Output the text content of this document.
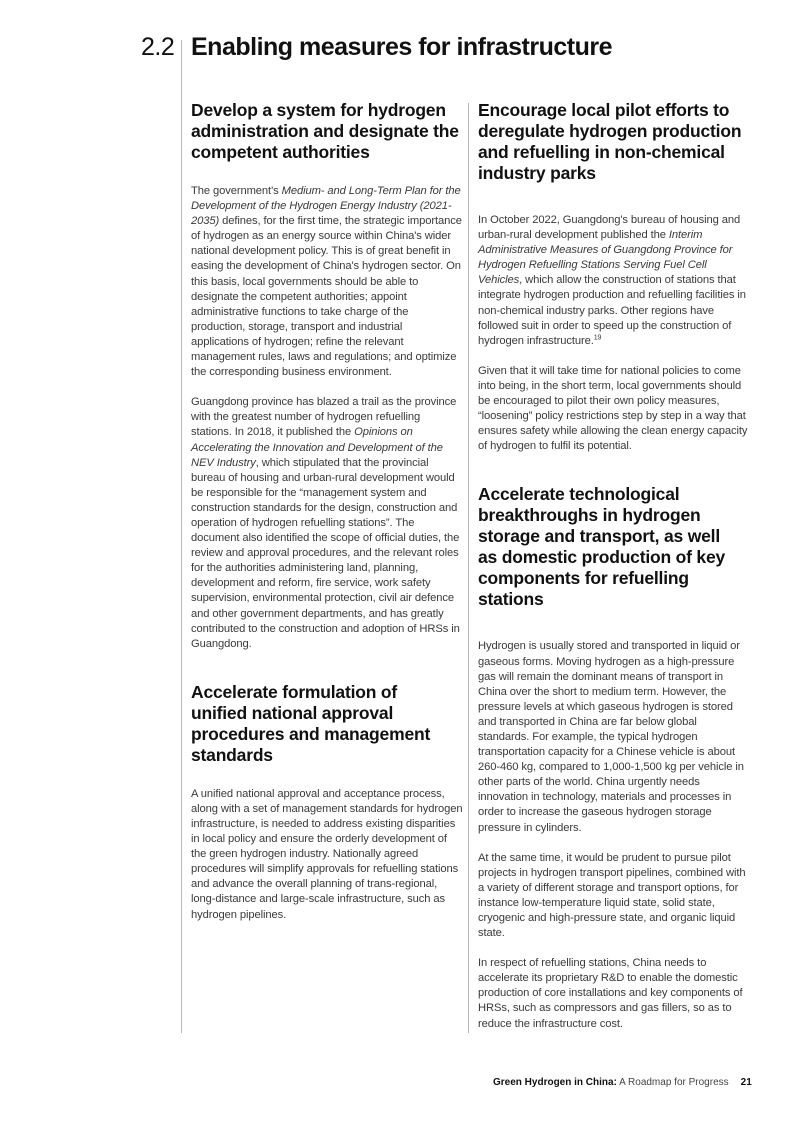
2.2 Enabling measures for infrastructure
Develop a system for hydrogen administration and designate the competent authorities

The government's Medium- and Long-Term Plan for the Development of the Hydrogen Energy Industry (2021-2035) defines, for the first time, the strategic importance of hydrogen as an energy source within China's wider national development policy. This is of great benefit in easing the development of China's hydrogen sector. On this basis, local governments should be able to designate the competent authorities; appoint administrative functions to take charge of the production, storage, transport and industrial applications of hydrogen; refine the relevant management rules, laws and regulations; and optimize the corresponding business environment.

Guangdong province has blazed a trail as the province with the greatest number of hydrogen refuelling stations. In 2018, it published the Opinions on Accelerating the Innovation and Development of the NEV Industry, which stipulated that the provincial bureau of housing and urban-rural development would be responsible for the “management system and construction standards for the design, construction and operation of hydrogen refuelling stations”. The document also identified the scope of official duties, the review and approval procedures, and the relevant roles for the authorities administering land, planning, development and reform, fire service, work safety supervision, environmental protection, civil air defence and other government departments, and has greatly contributed to the construction and adoption of HRSs in Guangdong.

Accelerate formulation of unified national approval procedures and management standards

A unified national approval and acceptance process, along with a set of management standards for hydrogen infrastructure, is needed to address existing disparities in local policy and ensure the orderly development of the green hydrogen industry. Nationally agreed procedures will simplify approvals for refuelling stations and advance the overall planning of trans-regional, long-distance and large-scale infrastructure, such as hydrogen pipelines.

Encourage local pilot efforts to deregulate hydrogen production and refuelling in non-chemical industry parks

In October 2022, Guangdong's bureau of housing and urban-rural development published the Interim Administrative Measures of Guangdong Province for Hydrogen Refuelling Stations Serving Fuel Cell Vehicles, which allow the construction of stations that integrate hydrogen production and refuelling facilities in non-chemical industry parks. Other regions have followed suit in order to speed up the construction of hydrogen infrastructure.$^{19}$

Given that it will take time for national policies to come into being, in the short term, local governments should be encouraged to pilot their own policy measures, “loosening” policy restrictions step by step in a way that ensures safety while allowing the clean energy capacity of hydrogen to fulfil its potential.

Accelerate technological breakthroughs in hydrogen storage and transport, as well as domestic production of key components for refuelling stations

Hydrogen is usually stored and transported in liquid or gaseous forms. Moving hydrogen as a high-pressure gas will remain the dominant means of transport in China over the short to medium term. However, the pressure levels at which gaseous hydrogen is stored and transported in China are far below global standards. For example, the typical hydrogen transportation capacity for a Chinese vehicle is about 260-460 kg, compared to 1,000-1,500 kg per vehicle in other parts of the world. China urgently needs innovation in technology, materials and processes in order to increase the gaseous hydrogen storage pressure in cylinders.

At the same time, it would be prudent to pursue pilot projects in hydrogen transport pipelines, combined with a variety of different storage and transport options, for instance low-temperature liquid state, solid state, cryogenic and high-pressure state, and organic liquid state.

In respect of refuelling stations, China needs to accelerate its proprietary R&D to enable the domestic production of core installations and key components of HRSs, such as compressors and gas fillers, so as to reduce the infrastructure cost.

Green Hydrogen in China: A Roadmap for Progress 21
